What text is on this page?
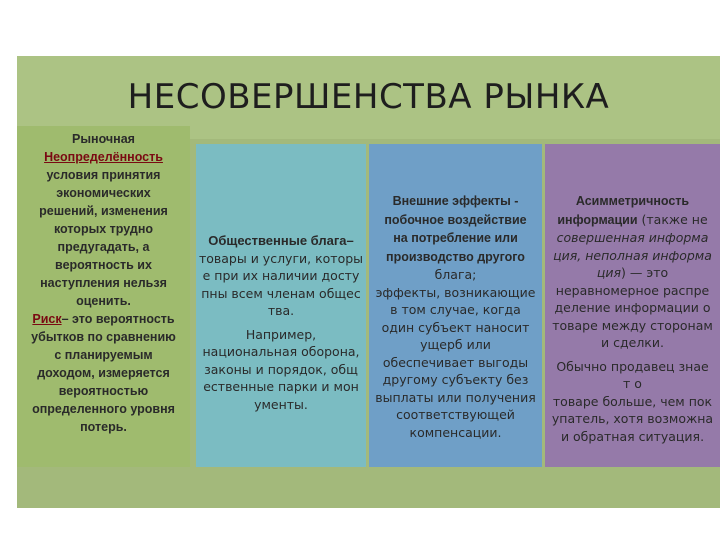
НЕСОВЕРШЕНСТВА РЫНКА

Рыночная
Неопределённость
условия принятия
экономических
решений, изменения
которых трудно
предугадать, а
вероятность их
наступления нельзя
оценить.
Риск– это вероятность
убытков по сравнению
с планируемым
доходом, измеряется
вероятностью
определенного уровня
потерь.

Общественные блага–
товары и услуги, которы
е при их наличии досту
пны всем членам общес
тва.

Например,
национальная оборона,
законы и порядок, общ
ественные парки и мон
ументы.

Внешние эффекты -
побочное воздействие
на потребление или
производство другого
блага;
эффекты, возникающие
в том случае, когда
один субъект наносит
ущерб или
обеспечивает выгоды
другому субъекту без
выплаты или получения
соответствующей
компенсации.

Асимметричность
информации (также не
совершенная информа
ция, неполная информа
ция) — это
неравномерное распре
деление информации о
товаре между сторонам
и сделки.

Обычно продавец знае
т о
товаре больше, чем пок
упатель, хотя возможна
и обратная ситуация.
